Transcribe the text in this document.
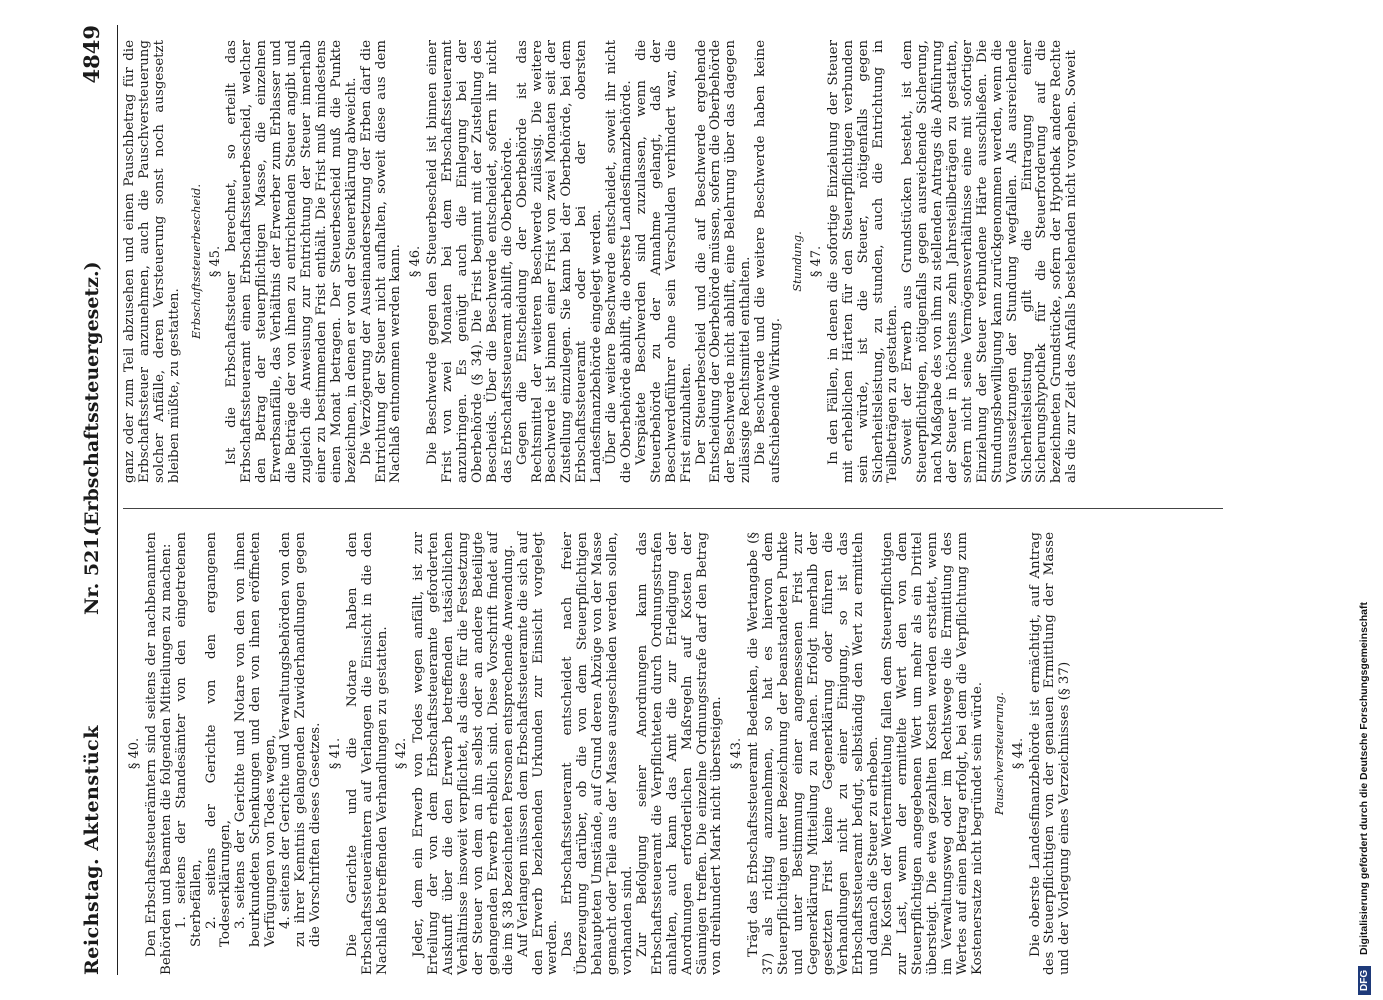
Reichstag. Aktenstück
Nr. 521.
(Erbschaftssteuergesetz.)
4849
§ 40. Den Erbschaftssteuerämtern sind seitens der nachbenannten Behörden und Beamten die folgenden Mitteilungen zu machen: 1. seitens der Standesämter von den eingetretenen Sterbefällen, 2. seitens der Gerichte von den ergangenen Todeserklärungen, 3. seitens der Gerichte und Notare von den von ihnen beurkundeten Schenkungen und den von ihnen eröffneten Verfügungen von Todes wegen, 4. seitens der Gerichte und Verwaltungsbehörden von den zu ihrer Kenntnis gelangenden Zuwiderhandlungen gegen die Vorschriften dieses Gesetzes. § 41. Die Gerichte und die Notare haben den Erbschaftssteuerämtern auf Verlangen die Einsicht in die den Nachlaß betreffenden Verhandlungen zu gestatten. § 42. Jeder, dem ein Erwerb von Todes wegen anfällt, ist zur Erteilung der von dem Erbschaftssteueramte geforderten Auskunft über die den Erwerb betreffenden tatsächlichen Verhältnisse insoweit verpflichtet, als diese für die Festsetzung der Steuer von dem an ihn selbst oder an andere Beteiligte gelangenden Erwerb erheblich sind. Diese Vorschrift findet auf die im § 38 bezeichneten Personen entsprechende Anwendung. Auf Verlangen müssen dem Erbschaftssteueramte die sich auf den Erwerb beziehenden Urkunden zur Einsicht vorgelegt werden. Das Erbschaftssteueramt entscheidet nach freier Überzeugung darüber, ob die von dem Steuerpflichtigen behaupteten Umstände, auf Grund deren Abzüge von der Masse gemacht oder Teile aus der Masse ausgeschieden werden sollen, vorhanden sind. Zur Befolgung seiner Anordnungen kann das Erbschaftssteueramt die Verpflichteten durch Ordnungsstrafen anhalten, auch kann das Amt die zur Erledigung der Anordnungen erforderlichen Maßregeln auf Kosten der Säumigen treffen. Die einzelne Ordnungsstrafe darf den Betrag von dreihundert Mark nicht übersteigen. § 43. Trägt das Erbschaftssteueramt Bedenken, die Wertangabe (§ 37) als richtig anzunehmen, so hat es hiervon dem Steuerpflichtigen unter Bezeichnung der beanstandeten Punkte und unter Bestimmung einer angemessenen Frist zur Gegenerklärung Mitteilung zu machen. Erfolgt innerhalb der gesetzten Frist keine Gegenerklärung oder führen die Verhandlungen nicht zu einer Einigung, so ist das Erbschaftssteueramt befugt, selbständig den Wert zu ermitteln und danach die Steuer zu erheben. Die Kosten der Wertermittelung fallen dem Steuerpflichtigen zur Last, wenn der ermittelte Wert den von dem Steuerpflichtigen angegebenen Wert um mehr als ein Drittel übersteigt. Die etwa gezahlten Kosten werden erstattet, wenn im Verwaltungsweg oder im Rechtswege die Ermittlung des Wertes auf einen Betrag erfolgt, bei dem die Verpflichtung zum Kostenersatze nicht begründet sein würde. Pauschversteuerung. § 44. Die oberste Landesfinanzbehörde ist ermächtigt, auf Antrag des Steuerpflichtigen von der genauen Ermittlung der Masse und der Vorlegung eines Verzeichnisses (§ 37)

ganz oder zum Teil abzusehen und einen Pauschbetrag für die Erbschaftssteuer anzunehmen, auch die Pauschversteuerung solcher Anfälle, deren Versteuerung sonst noch ausgesetzt bleiben müßte, zu gestatten.

Erbschaftssteuerbescheid. § 45. Ist die Erbschaftssteuer berechnet, so erteilt das Erbschaftssteueramt einen Erbschaftssteuerbescheid, welcher den Betrag der steuerpflichtigen Masse, die einzelnen Erwerbsanfälle, das Verhältnis der Erwerber zum Erblasser und die Beträge der von ihnen zu entrichtenden Steuer angibt und zugleich die Anweisung zur Entrichtung der Steuer innerhalb einer zu bestimmenden Frist enthält. Die Frist muß mindestens einen Monat betragen. Der Steuerbescheid muß die Punkte bezeichnen, in denen er von der Steuererklärung abweicht. Die Verzögerung der Auseinandersetzung der Erben darf die Entrichtung der Steuer nicht aufhalten, soweit diese aus dem Nachlaß entnommen werden kann. § 46. Die Beschwerde gegen den Steuerbescheid ist binnen einer Frist von zwei Monaten bei dem Erbschaftssteueramt anzubringen. Es genügt auch die Einlegung bei der Oberbehörde (§ 34). Die Frist beginnt mit der Zustellung des Bescheids. Über die Beschwerde entscheidet, sofern ihr nicht das Erbschaftssteueramt abhilft, die Oberbehörde. Gegen die Entscheidung der Oberbehörde ist das Rechtsmittel der weiteren Beschwerde zulässig. Die weitere Beschwerde ist binnen einer Frist von zwei Monaten seit der Zustellung einzulegen. Sie kann bei der Oberbehörde, bei dem Erbschaftssteueramt oder bei der obersten Landesfinanzbehörde eingelegt werden. Über die weitere Beschwerde entscheidet, soweit ihr nicht die Oberbehörde abhilft, die oberste Landesfinanzbehörde. Verspätete Beschwerden sind zuzulassen, wenn die Steuerbehörde zu der Annahme gelangt, daß der Beschwerdeführer ohne sein Verschulden verhindert war, die Frist einzuhalten. Der Steuerbescheid und die auf Beschwerde ergehende Entscheidung der Oberbehörde müssen, sofern die Oberbehörde der Beschwerde nicht abhilft, eine Belehrung über das dagegen zulässige Rechtsmittel enthalten. Die Beschwerde und die weitere Beschwerde haben keine aufschiebende Wirkung.

Stundung. § 47. In den Fällen, in denen die sofortige Einziehung der Steuer mit erheblichen Härten für den Steuerpflichtigen verbunden sein würde, ist die Steuer, nötigenfalls gegen Sicherheitsleistung, zu stunden, auch die Entrichtung in Teilbeträgen zu gestatten. Soweit der Erwerb aus Grundstücken besteht, ist dem Steuerpflichtigen, nötigenfalls gegen ausreichende Sicherung, nach Maßgabe des von ihm zu stellenden Antrags die Abführung der Steuer in höchstens zehn Jahresteilbeträgen zu gestatten, sofern nicht seine Vermögensverhältnisse eine mit sofortiger Einziehung der Steuer verbundene Härte ausschließen. Die Stundungsbewilligung kann zurückgenommen werden, wenn die Voraussetzungen der Stundung wegfallen. Als ausreichende Sicherheitsleistung gilt die Eintragung einer Sicherungshypothek für die Steuerforderung auf die bezeichneten Grundstücke, sofern der Hypothek andere Rechte als die zur Zeit des Anfalls bestehenden nicht vorgehen. Soweit

DFG Digitalisierung gefördert durch die Deutsche Forschungsgemeinschaft
